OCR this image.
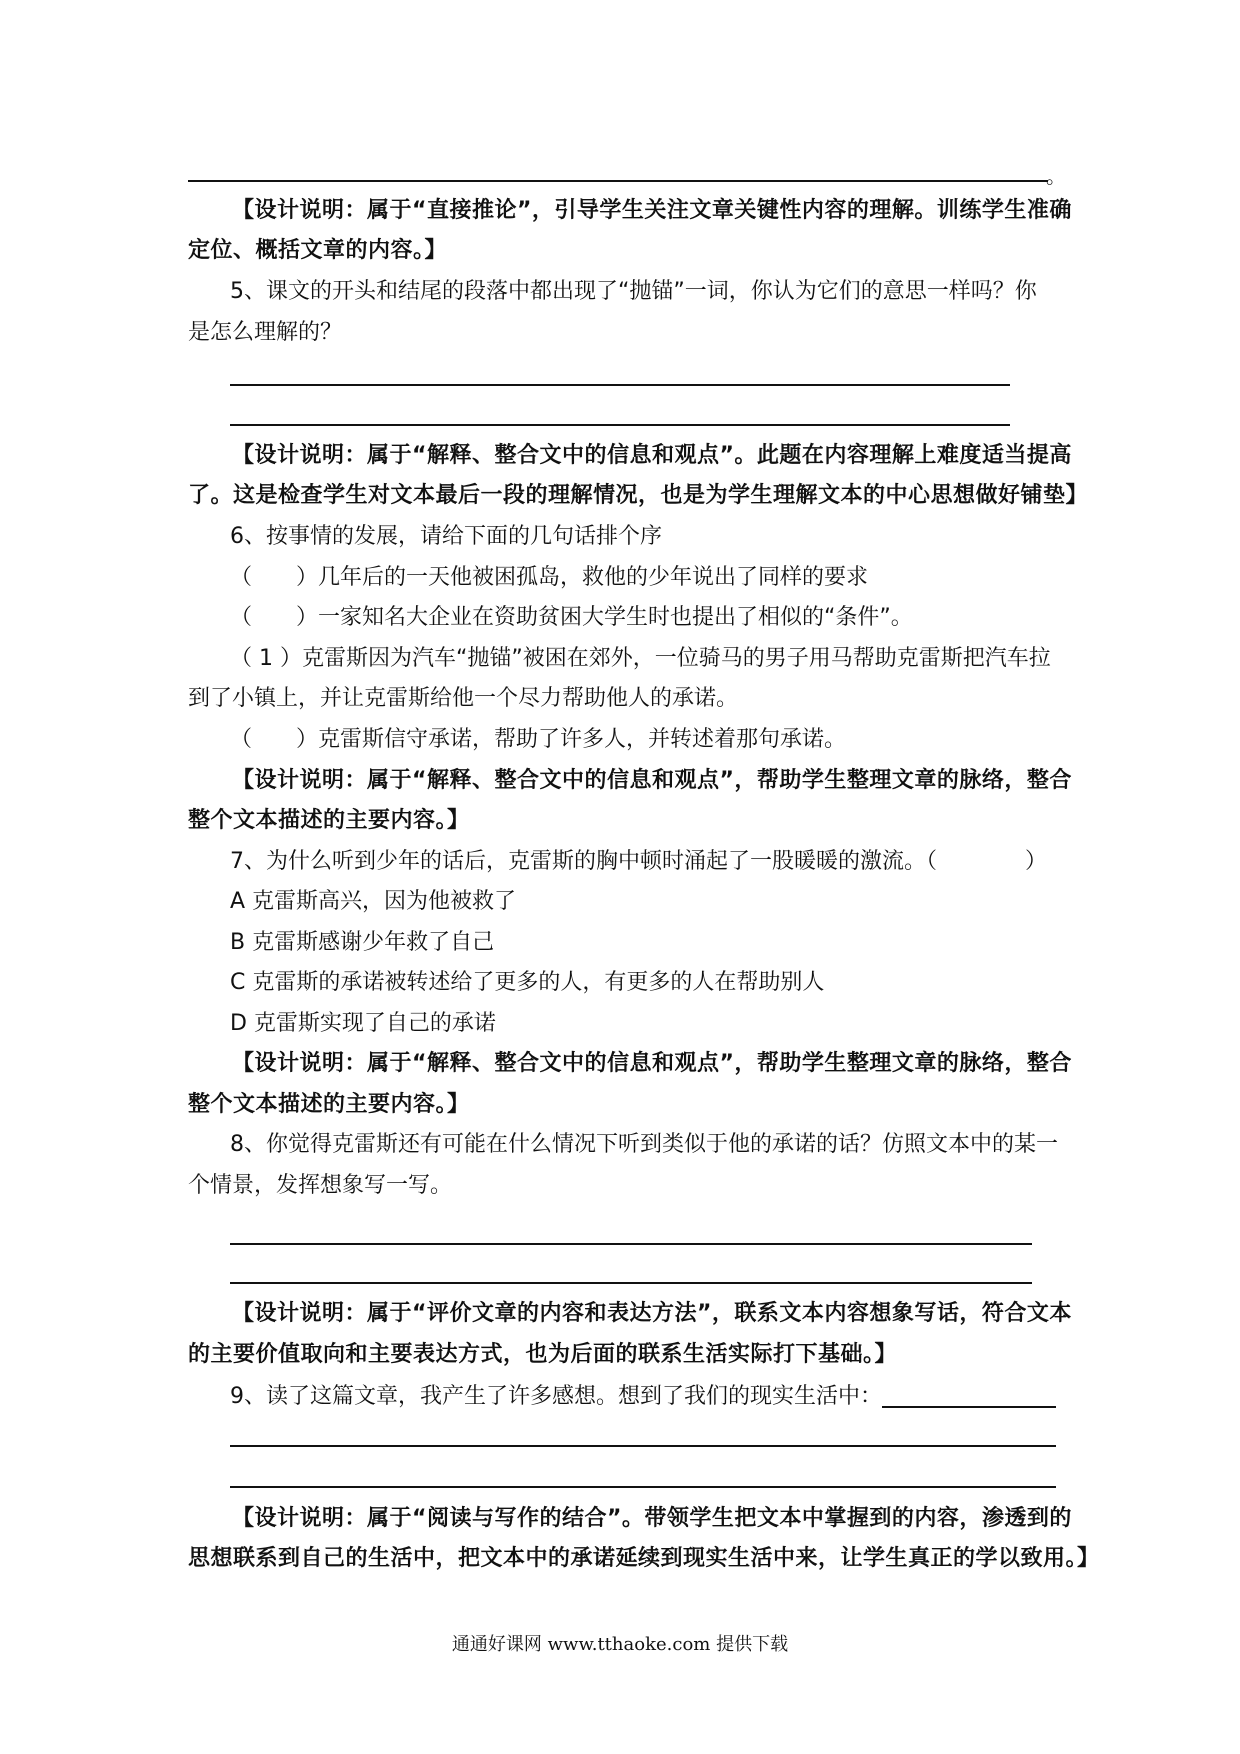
。
【设计说明：属于“直接推论”，引导学生关注文章关键性内容的理解。训练学生准确
定位、概括文章的内容。】
5、课文的开头和结尾的段落中都出现了“抛锚”一词，你认为它们的意思一样吗？你
是怎么理解的？
【设计说明：属于“解释、整合文中的信息和观点”。此题在内容理解上难度适当提高
了。这是检查学生对文本最后一段的理解情况，也是为学生理解文本的中心思想做好铺垫】
6、按事情的发展，请给下面的几句话排个序
（　　）几年后的一天他被困孤岛，救他的少年说出了同样的要求
（　　）一家知名大企业在资助贫困大学生时也提出了相似的“条件”。
（ 1 ）克雷斯因为汽车“抛锚”被困在郊外，一位骑马的男子用马帮助克雷斯把汽车拉
到了小镇上，并让克雷斯给他一个尽力帮助他人的承诺。
（　　）克雷斯信守承诺，帮助了许多人，并转述着那句承诺。
【设计说明：属于“解释、整合文中的信息和观点”，帮助学生整理文章的脉络，整合
整个文本描述的主要内容。】
7、为什么听到少年的话后，克雷斯的胸中顿时涌起了一股暖暖的激流。（　　　　）
A 克雷斯高兴，因为他被救了
B 克雷斯感谢少年救了自己
C 克雷斯的承诺被转述给了更多的人，有更多的人在帮助别人
D 克雷斯实现了自己的承诺
【设计说明：属于“解释、整合文中的信息和观点”，帮助学生整理文章的脉络，整合
整个文本描述的主要内容。】
8、你觉得克雷斯还有可能在什么情况下听到类似于他的承诺的话？仿照文本中的某一
个情景，发挥想象写一写。
【设计说明：属于“评价文章的内容和表达方法”，联系文本内容想象写话，符合文本
的主要价值取向和主要表达方式，也为后面的联系生活实际打下基础。】
9、读了这篇文章，我产生了许多感想。想到了我们的现实生活中：
【设计说明：属于“阅读与写作的结合”。带领学生把文本中掌握到的内容，渗透到的
思想联系到自己的生活中，把文本中的承诺延续到现实生活中来，让学生真正的学以致用。】
通通好课网 www.tthaoke.com 提供下载
